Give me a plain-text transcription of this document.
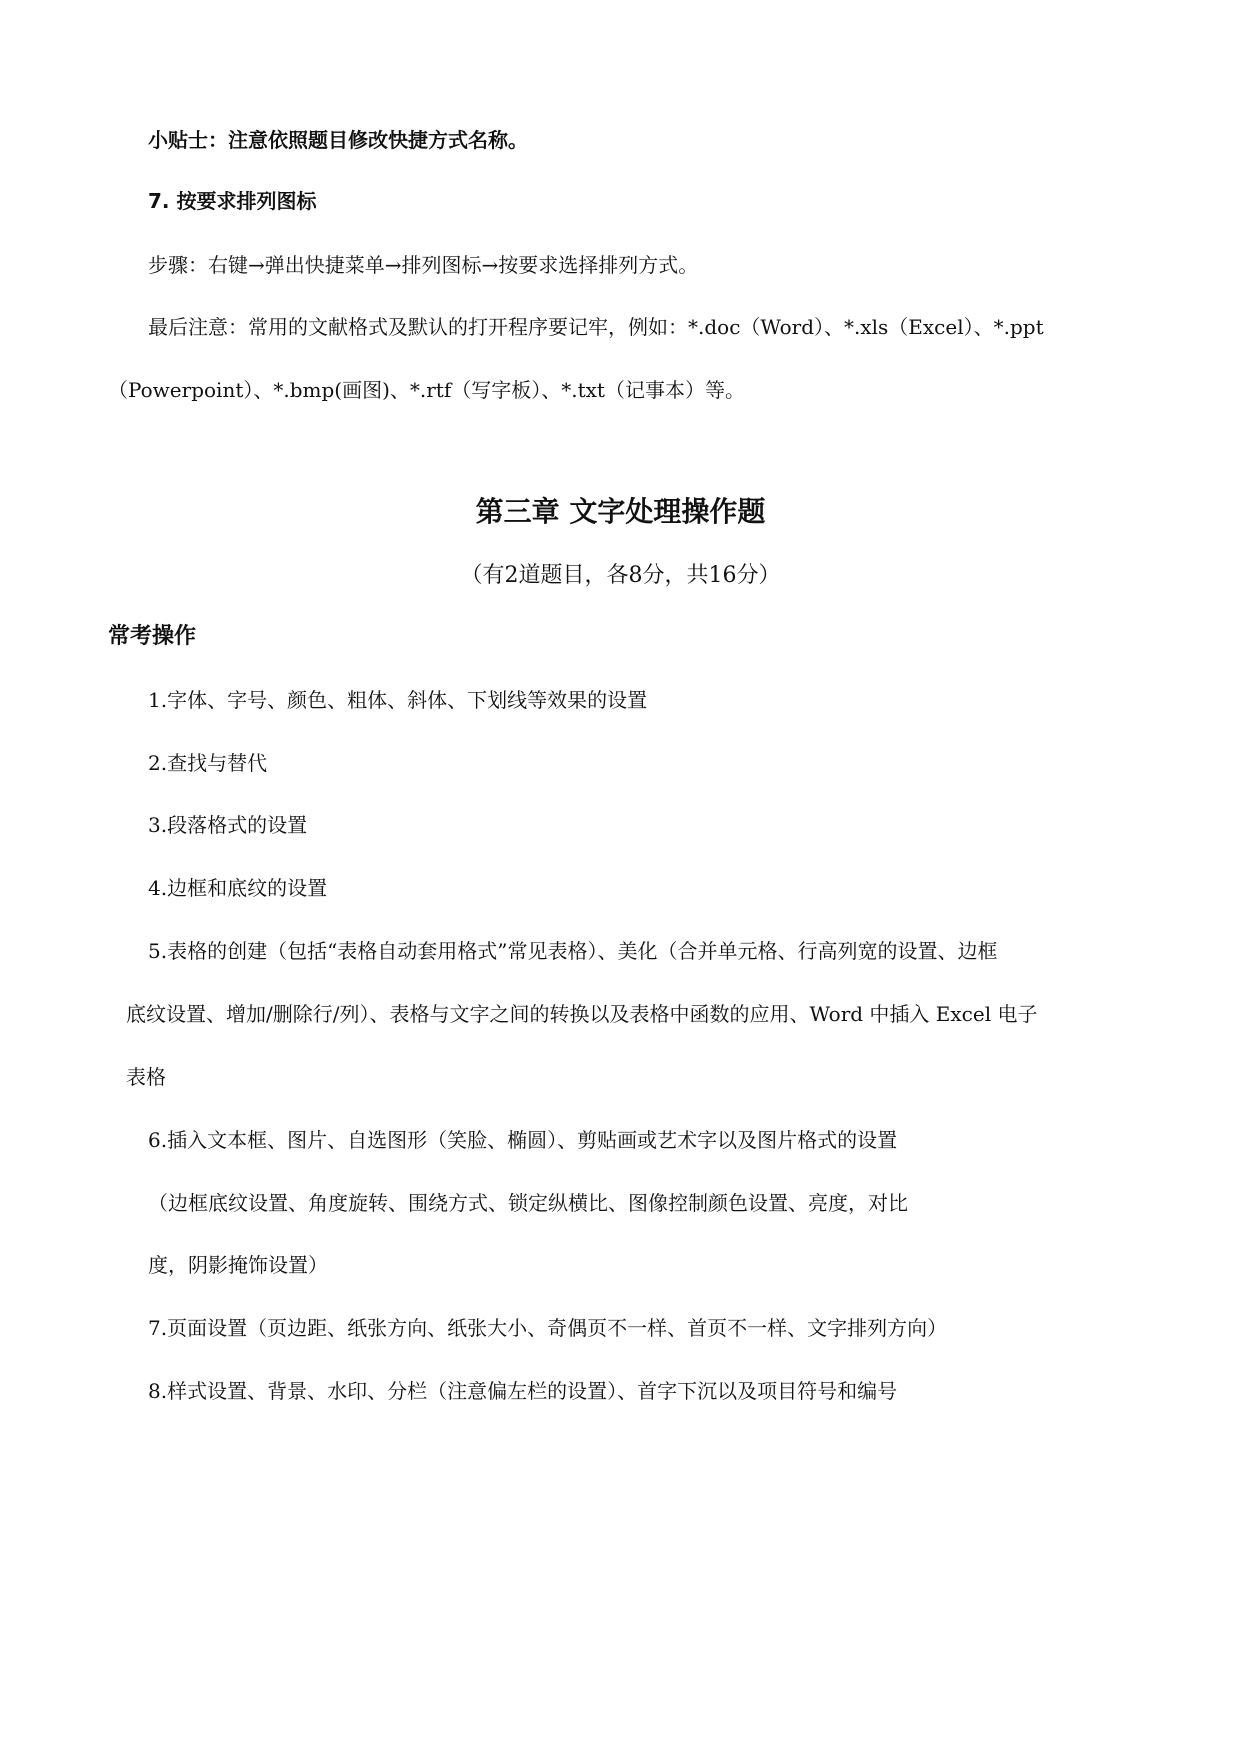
小贴士：注意依照题目修改快捷方式名称。
7. 按要求排列图标
步骤：右键→弹出快捷菜单→排列图标→按要求选择排列方式。
最后注意：常用的文献格式及默认的打开程序要记牢，例如：*.doc（Word）、*.xls（Excel）、*.ppt
（Powerpoint）、*.bmp(画图)、*.rtf（写字板）、*.txt（记事本）等。
第三章 文字处理操作题
（有2道题目，各8分，共16分）
常考操作
1.字体、字号、颜色、粗体、斜体、下划线等效果的设置
2.查找与替代
3.段落格式的设置
4.边框和底纹的设置
5.表格的创建（包括“表格自动套用格式”常见表格）、美化（合并单元格、行高列宽的设置、边框
底纹设置、增加/删除行/列）、表格与文字之间的转换以及表格中函数的应用、Word 中插入 Excel 电子
表格
6.插入文本框、图片、自选图形（笑脸、椭圆）、剪贴画或艺术字以及图片格式的设置
（边框底纹设置、角度旋转、围绕方式、锁定纵横比、图像控制颜色设置、亮度，对比
度，阴影掩饰设置）
7.页面设置（页边距、纸张方向、纸张大小、奇偶页不一样、首页不一样、文字排列方向）
8.样式设置、背景、水印、分栏（注意偏左栏的设置）、首字下沉以及项目符号和编号
